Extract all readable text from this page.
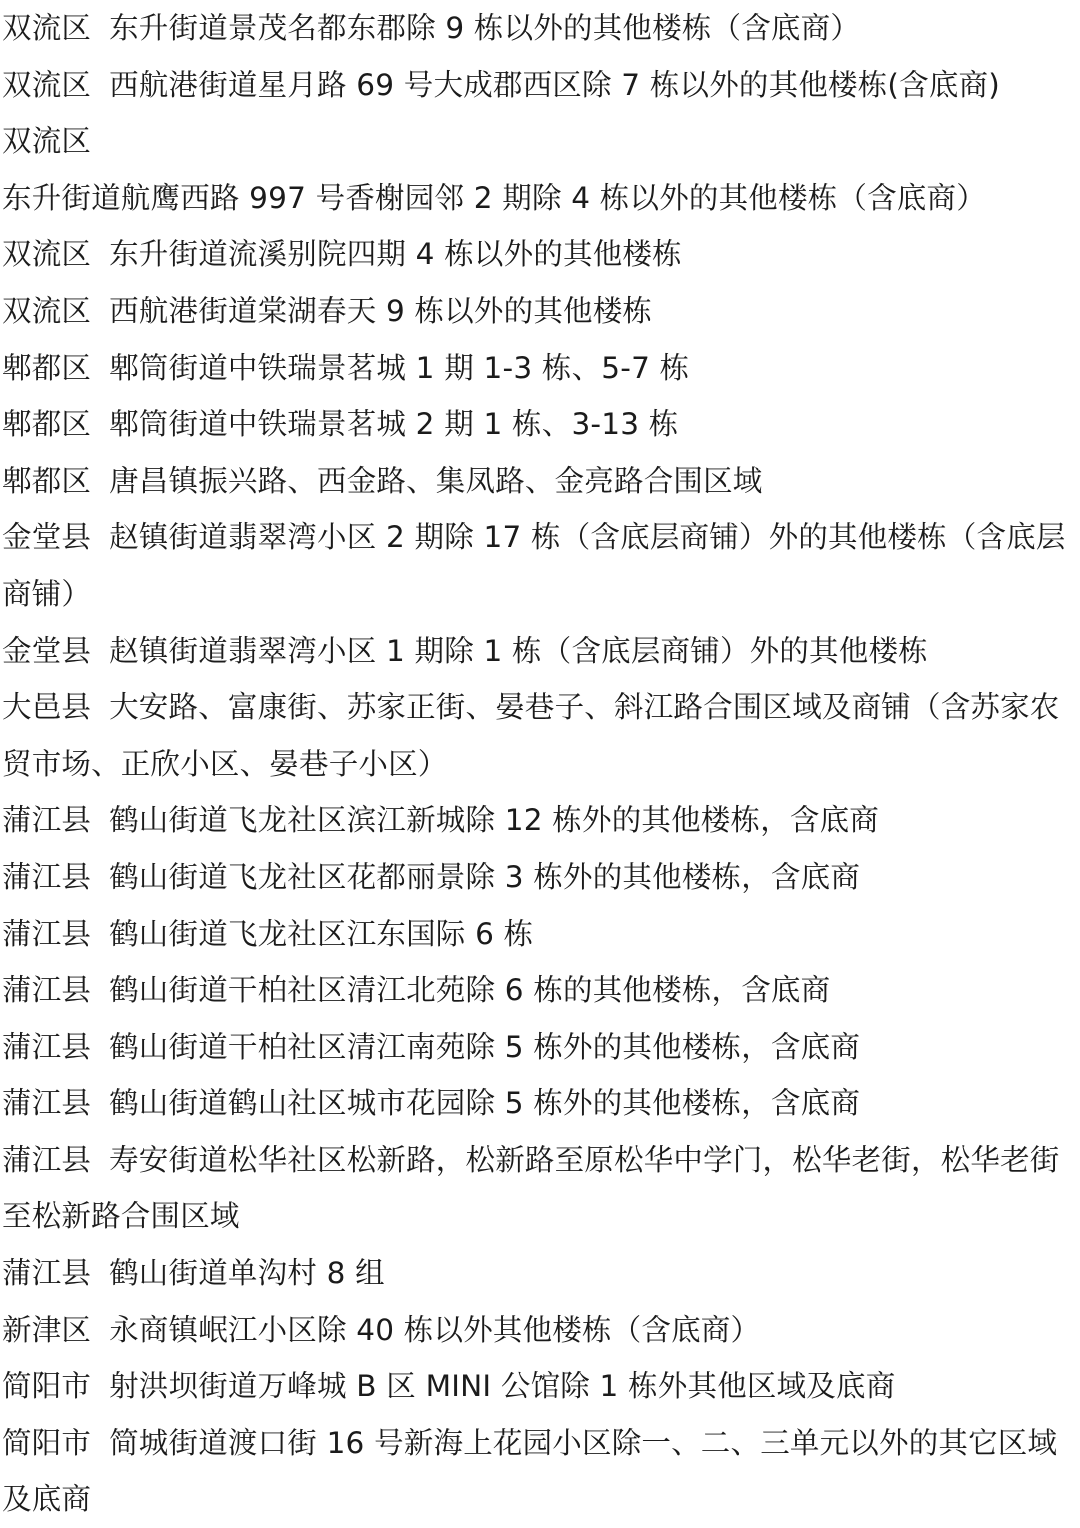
双流区 东升街道景茂名都东郡除 9 栋以外的其他楼栋（含底商）
双流区 西航港街道星月路 69 号大成郡西区除 7 栋以外的其他楼栋(含底商)
双流区东升街道航鹰西路 997 号香榭园邻 2 期除 4 栋以外的其他楼栋（含底商）
双流区 东升街道流溪别院四期 4 栋以外的其他楼栋
双流区 西航港街道棠湖春天 9 栋以外的其他楼栋
郫都区 郫筒街道中铁瑞景茗城 1 期 1-3 栋、5-7 栋
郫都区 郫筒街道中铁瑞景茗城 2 期 1 栋、3-13 栋
郫都区 唐昌镇振兴路、西金路、集凤路、金亮路合围区域
金堂县 赵镇街道翡翠湾小区 2 期除 17 栋（含底层商铺）外的其他楼栋（含底层商铺）
金堂县 赵镇街道翡翠湾小区 1 期除 1 栋（含底层商铺）外的其他楼栋
大邑县 大安路、富康街、苏家正街、晏巷子、斜江路合围区域及商铺（含苏家农贸市场、正欣小区、晏巷子小区）
蒲江县 鹤山街道飞龙社区滨江新城除 12 栋外的其他楼栋，含底商
蒲江县 鹤山街道飞龙社区花都丽景除 3 栋外的其他楼栋，含底商
蒲江县 鹤山街道飞龙社区江东国际 6 栋
蒲江县 鹤山街道干柏社区清江北苑除 6 栋的其他楼栋，含底商
蒲江县 鹤山街道干柏社区清江南苑除 5 栋外的其他楼栋，含底商
蒲江县 鹤山街道鹤山社区城市花园除 5 栋外的其他楼栋，含底商
蒲江县 寿安街道松华社区松新路，松新路至原松华中学门，松华老街，松华老街至松新路合围区域
蒲江县 鹤山街道单沟村 8 组
新津区 永商镇岷江小区除 40 栋以外其他楼栋（含底商）
简阳市 射洪坝街道万峰城 B 区 MINI 公馆除 1 栋外其他区域及底商
简阳市 简城街道渡口街 16 号新海上花园小区除一、二、三单元以外的其它区域及底商
